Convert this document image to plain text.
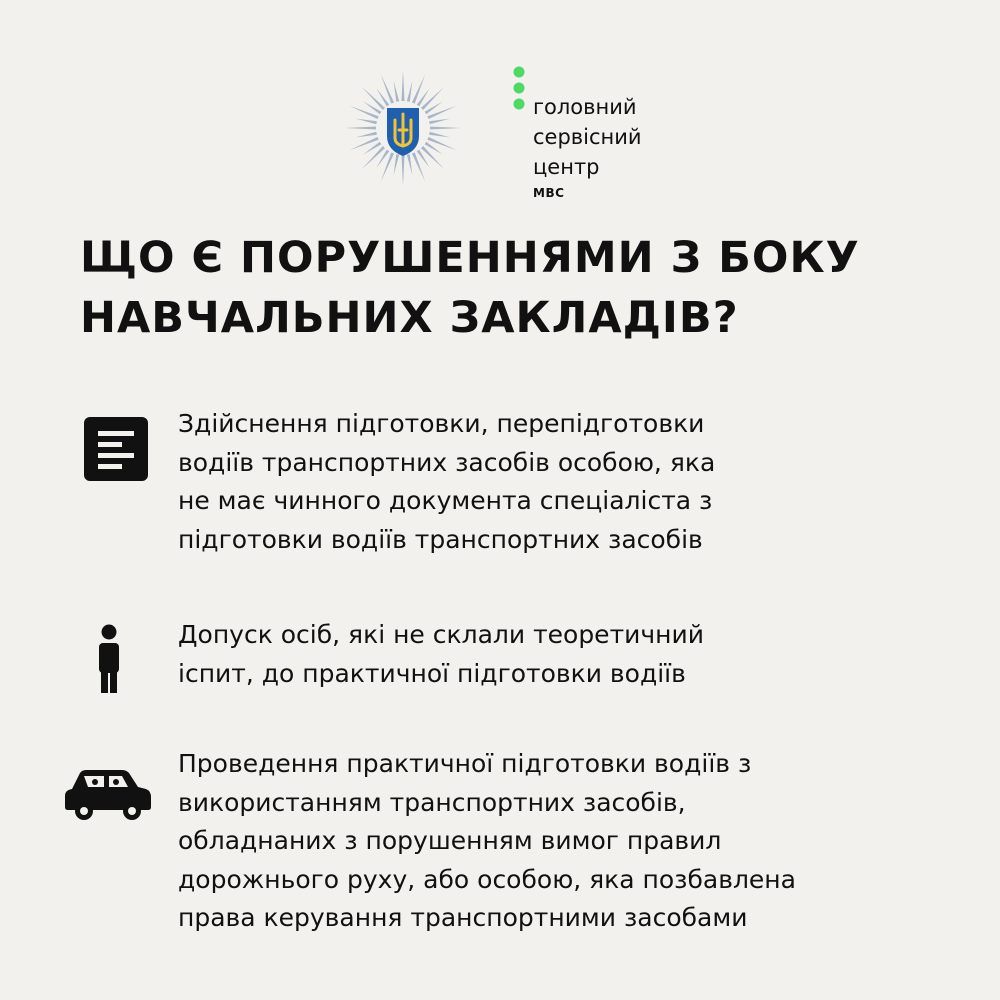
головний
сервісний
центр
МВС
ЩО Є ПОРУШЕННЯМИ З БОКУ
НАВЧАЛЬНИХ ЗАКЛАДІВ?
Здійснення підготовки, перепідготовки
водіїв транспортних засобів особою, яка
не має чинного документа спеціаліста з
підготовки водіїв транспортних засобів
Допуск осіб, які не склали теоретичний
іспит, до практичної підготовки водіїв
Проведення практичної підготовки водіїв з
використанням транспортних засобів,
обладнаних з порушенням вимог правил
дорожнього руху, або особою, яка позбавлена
права керування транспортними засобами
